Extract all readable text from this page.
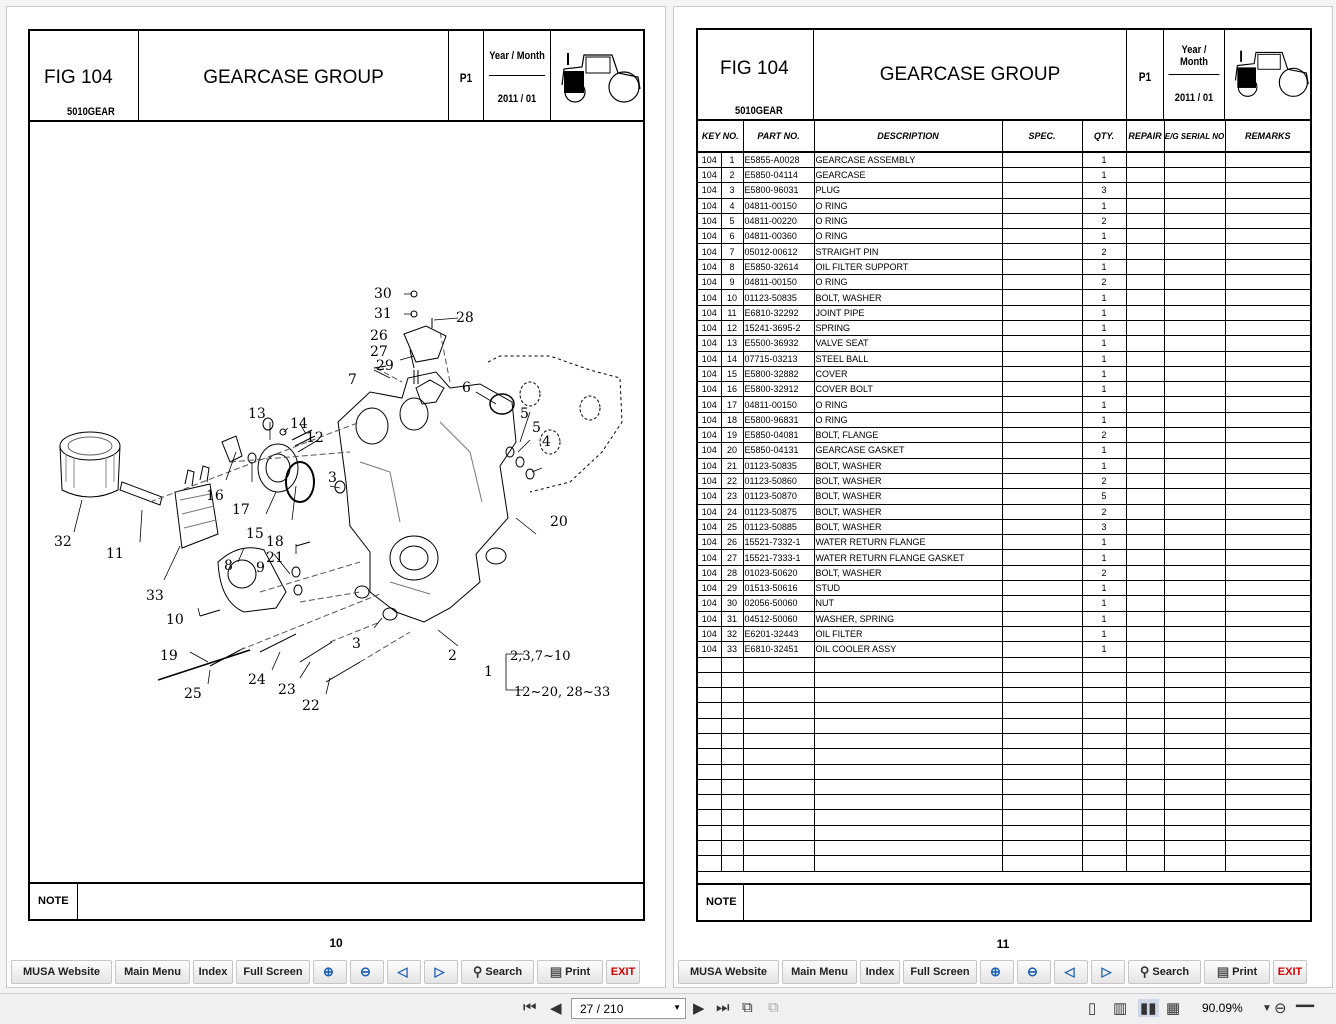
FIG 104
5010GEAR
GEARCASE GROUP	P1
Year / Month
2011 / 01
30
31	28
26
27
29
7	6
5
5
4
13
14
12
16
17
15
3
18
21
20
32
11
33
8 9
10
19
25
24
23
22
3
2
1
2,3,7~10
12~20, 28~33
NOTE
10
MUSA Website	Main Menu	Index	Full Screen	⊕ ⊖ ◁ ▷ ⚲ Search ▤ Print	EXIT
FIG 104
5010GEAR
GEARCASE GROUP	P1
Year / Month
2011 / 01
KEY NO.		PART NO.	DESCRIPTION	SPEC.	QTY.	REPAIR	E/G SERIAL NO	REMARKS
104	1	E5855-A0028	GEARCASE ASSEMBLY		1			
104	2	E5850-04114	GEARCASE		1			
104	3	E5800-96031	PLUG		3			
104	4	04811-00150	O RING		1			
104	5	04811-00220	O RING		2			
104	6	04811-00360	O RING		1			
104	7	05012-00612	STRAIGHT PIN		2			
104	8	E5850-32614	OIL FILTER SUPPORT		1			
104	9	04811-00150	O RING		2			
104	10	01123-50835	BOLT, WASHER		1			
104	11	E6810-32292	JOINT PIPE		1			
104	12	15241-3695-2	SPRING		1			
104	13	E5500-36932	VALVE SEAT		1			
104	14	07715-03213	STEEL BALL		1			
104	15	E5800-32882	COVER		1			
104	16	E5800-32912	COVER BOLT		1			
104	17	04811-00150	O RING		1			
104	18	E5800-96831	O RING		1			
104	19	E5850-04081	BOLT, FLANGE		2			
104	20	E5850-04131	GEARCASE GASKET		1			
104	21	01123-50835	BOLT, WASHER		1			
104	22	01123-50860	BOLT, WASHER		2			
104	23	01123-50870	BOLT, WASHER		5			
104	24	01123-50875	BOLT, WASHER		2			
104	25	01123-50885	BOLT, WASHER		3			
104	26	15521-7332-1	WATER RETURN FLANGE		1			
104	27	15521-7333-1	WATER RETURN FLANGE GASKET		1			
104	28	01023-50620	BOLT, WASHER		2			
104	29	01513-50616	STUD		1			
104	30	02056-50060	NUT		1			
104	31	04512-50060	WASHER, SPRING		1			
104	32	E6201-32443	OIL FILTER		1			
104	33	E6810-32451	OIL COOLER ASSY		1			

NOTE
11
MUSA Website	Main Menu	Index	Full Screen	⊕ ⊖ ◁ ▷ ⚲ Search ▤ Print	EXIT
⏮ ◀	27 / 210	▼ ▶ ⏭ ⧉ ⧉	▯ ▥ ▮▮ ▦ 90.09% ▼ ⊖ ━━
